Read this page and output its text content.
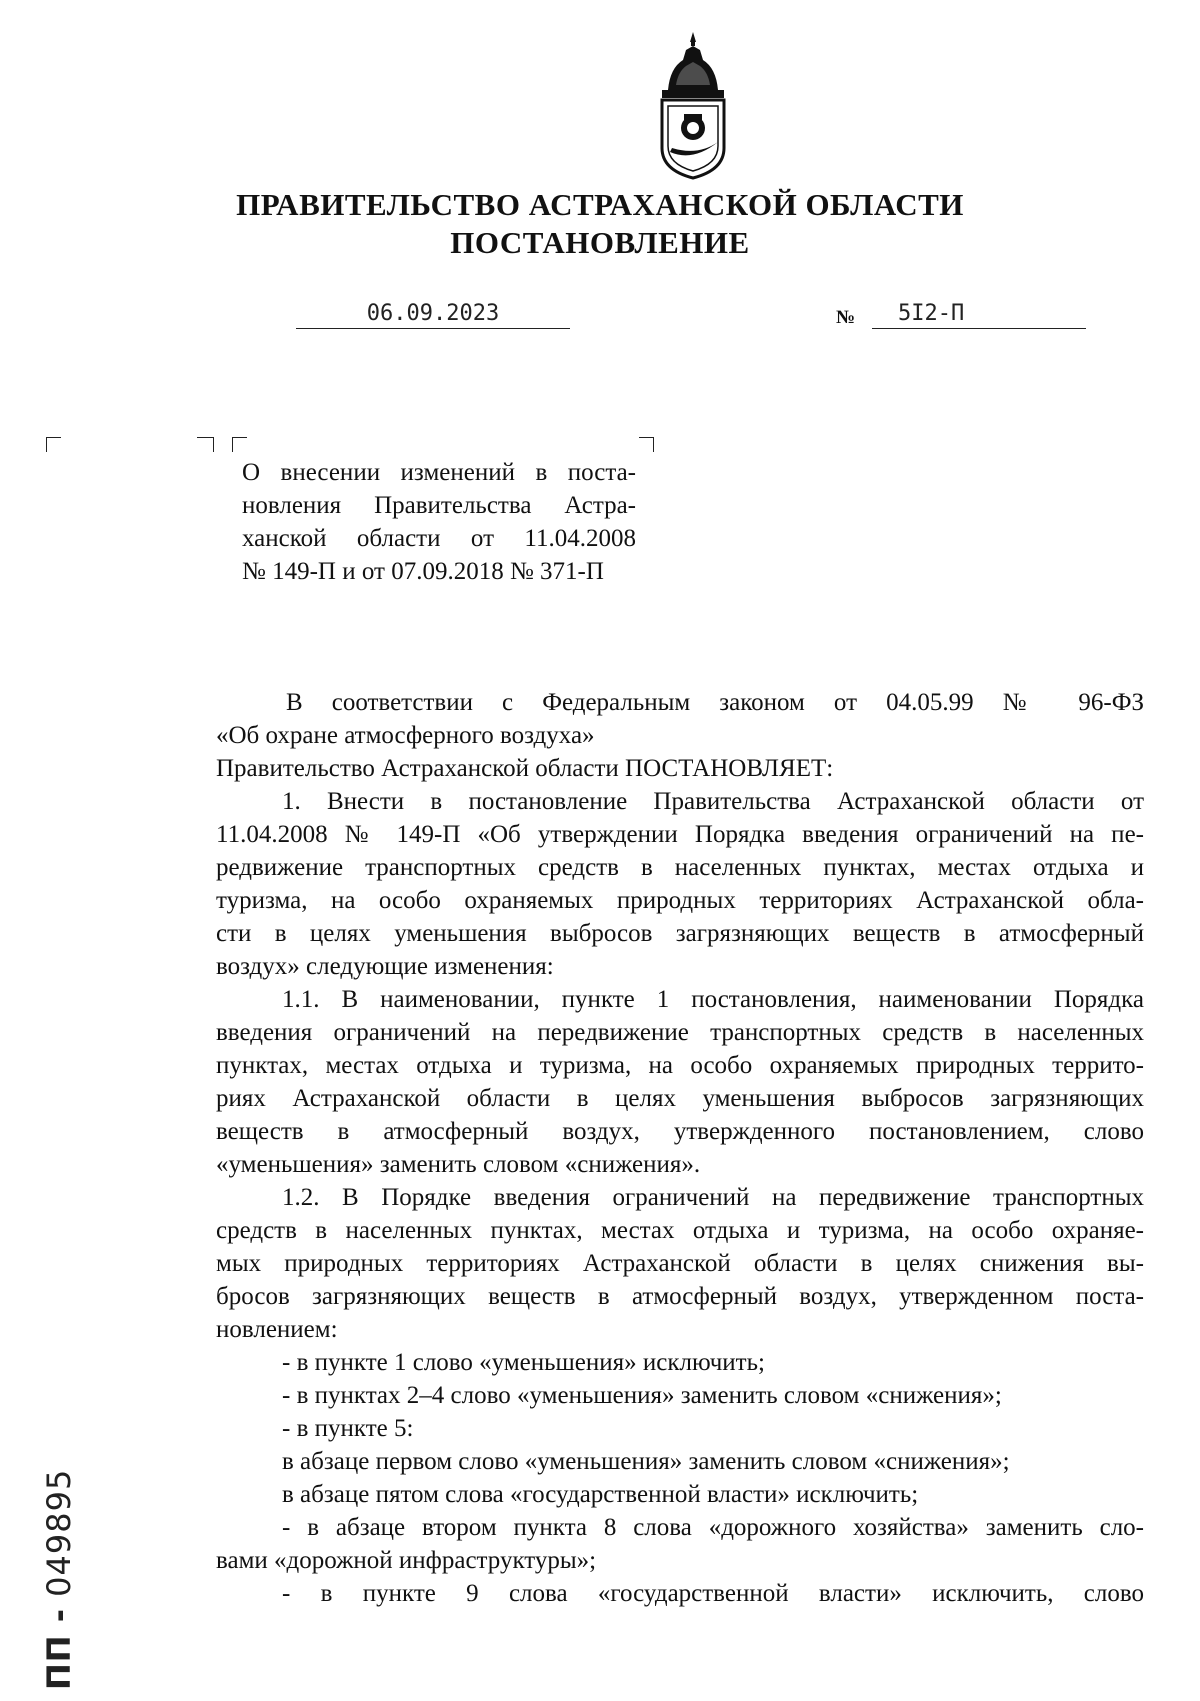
ПРАВИТЕЛЬСТВО АСТРАХАНСКОЙ ОБЛАСТИ
ПОСТАНОВЛЕНИЕ
06.09.2023	№	5I2-П

О внесении изменений в поста-
новления Правительства Астра-
ханской области от 11.04.2008
№ 149-П и от 07.09.2018 № 371-П

В соответствии с Федеральным законом от 04.05.99 № 96-ФЗ
«Об охране атмосферного воздуха»
Правительство Астраханской области ПОСТАНОВЛЯЕТ:
1. Внести в постановление Правительства Астраханской области от
11.04.2008 № 149-П «Об утверждении Порядка введения ограничений на пе-
редвижение транспортных средств в населенных пунктах, местах отдыха и
туризма, на особо охраняемых природных территориях Астраханской обла-
сти в целях уменьшения выбросов загрязняющих веществ в атмосферный
воздух» следующие изменения:
1.1. В наименовании, пункте 1 постановления, наименовании Порядка
введения ограничений на передвижение транспортных средств в населенных
пунктах, местах отдыха и туризма, на особо охраняемых природных террито-
риях Астраханской области в целях уменьшения выбросов загрязняющих
веществ в атмосферный воздух, утвержденного постановлением, слово
«уменьшения» заменить словом «снижения».
1.2. В Порядке введения ограничений на передвижение транспортных
средств в населенных пунктах, местах отдыха и туризма, на особо охраняе-
мых природных территориях Астраханской области в целях снижения вы-
бросов загрязняющих веществ в атмосферный воздух, утвержденном поста-
новлением:
- в пункте 1 слово «уменьшения» исключить;
- в пунктах 2–4 слово «уменьшения» заменить словом «снижения»;
- в пункте 5:
в абзаце первом слово «уменьшения» заменить словом «снижения»;
в абзаце пятом слова «государственной власти» исключить;
- в абзаце втором пункта 8 слова «дорожного хозяйства» заменить сло-
вами «дорожной инфраструктуры»;
- в пункте 9 слова «государственной власти» исключить, слово
ПП - 049895
